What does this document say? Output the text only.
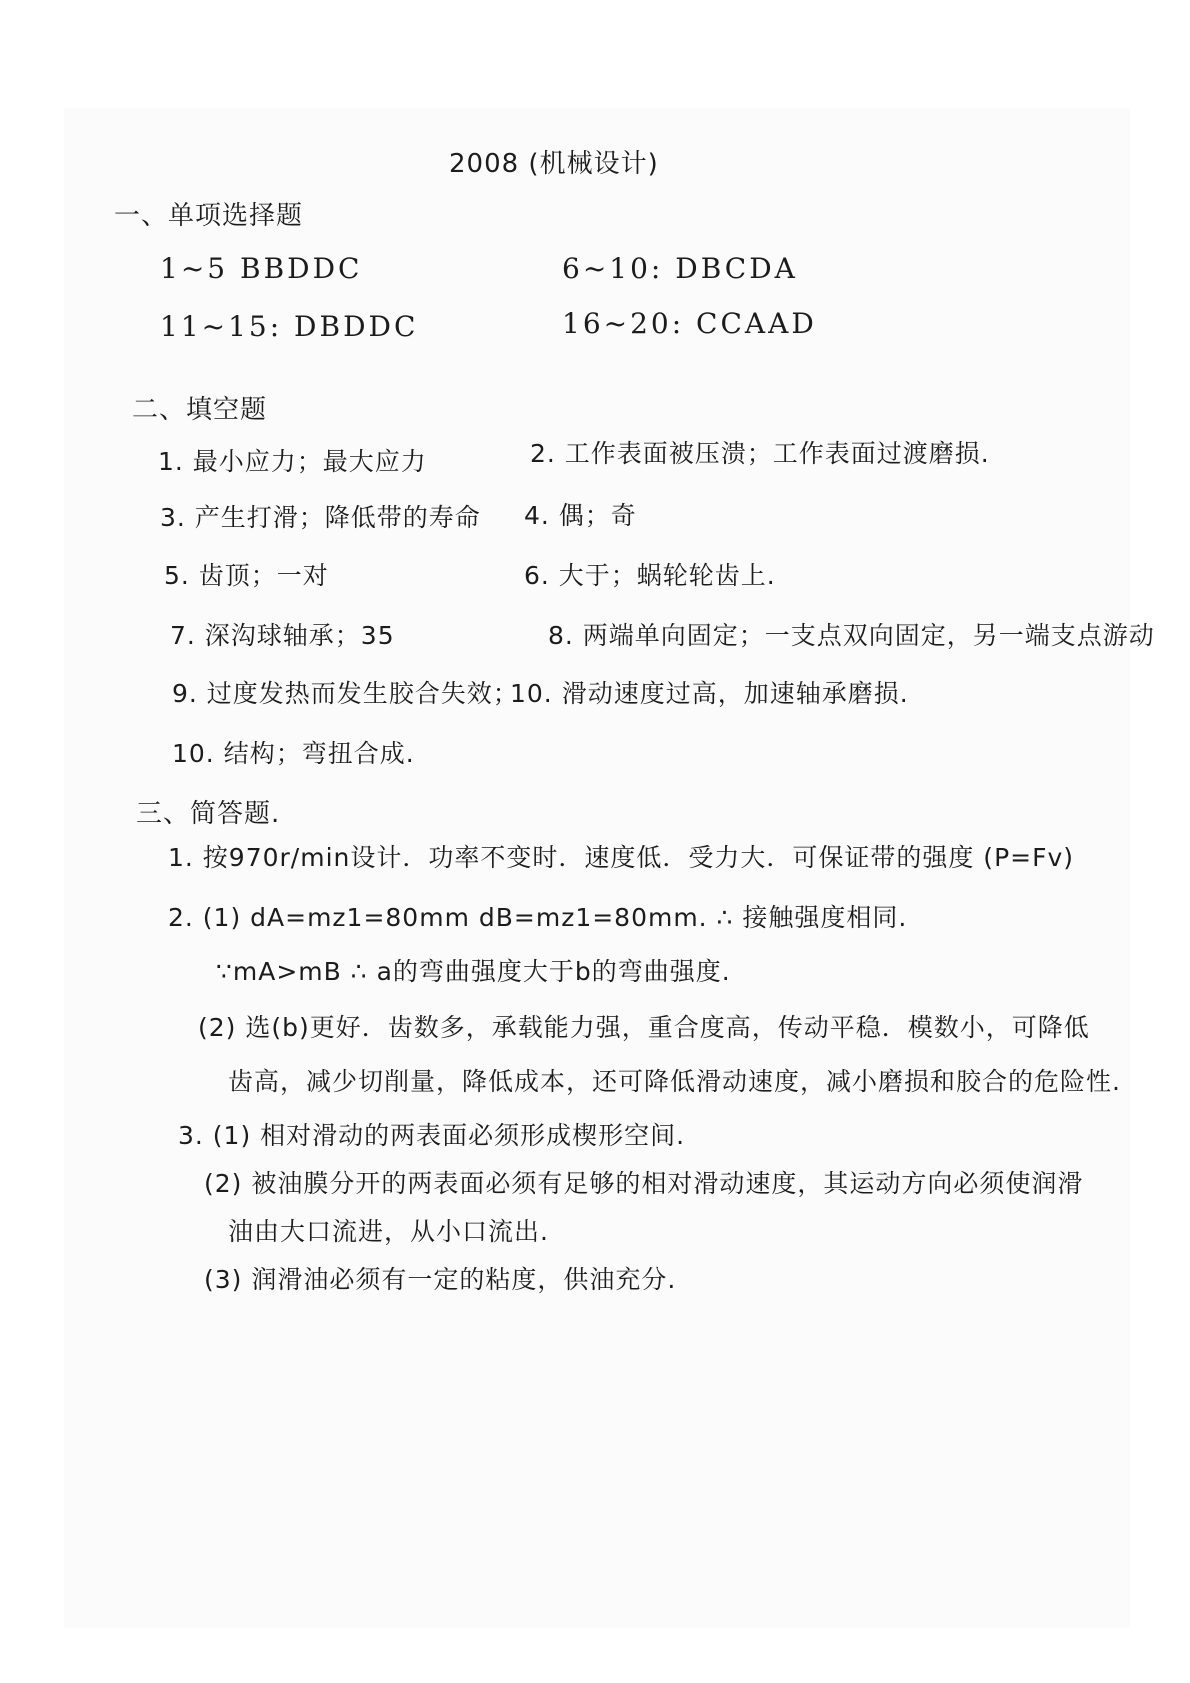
2008 (机械设计)
一、单项选择题
1~5 BBDDC	6~10: DBCDA
11~15: DBDDC	16~20: CCAAD
二、填空题
1. 最小应力；最大应力	2. 工作表面被压溃；工作表面过渡磨损.
3. 产生打滑；降低带的寿命 4. 偶；奇
5. 齿顶；一对	6. 大于；蜗轮轮齿上.
7. 深沟球轴承；35	8. 两端单向固定；一支点双向固定，另一端支点游动
9. 过度发热而发生胶合失效；
10. 滑动速度过高，加速轴承磨损.
10. 结构；弯扭合成.
三、简答题.
1. 按970r/min设计．功率不变时．速度低．受力大．可保证带的强度 (P=Fv)
2. (1) dA=mz1=80mm dB=mz1=80mm. ∴ 接触强度相同.
∵mA>mB ∴ a的弯曲强度大于b的弯曲强度.
(2) 选(b)更好．齿数多，承载能力强，重合度高，传动平稳．模数小，可降低
齿高，减少切削量，降低成本，还可降低滑动速度，减小磨损和胶合的危险性.
3. (1) 相对滑动的两表面必须形成楔形空间.
(2) 被油膜分开的两表面必须有足够的相对滑动速度，其运动方向必须使润滑
油由大口流进，从小口流出.
(3) 润滑油必须有一定的粘度，供油充分.
